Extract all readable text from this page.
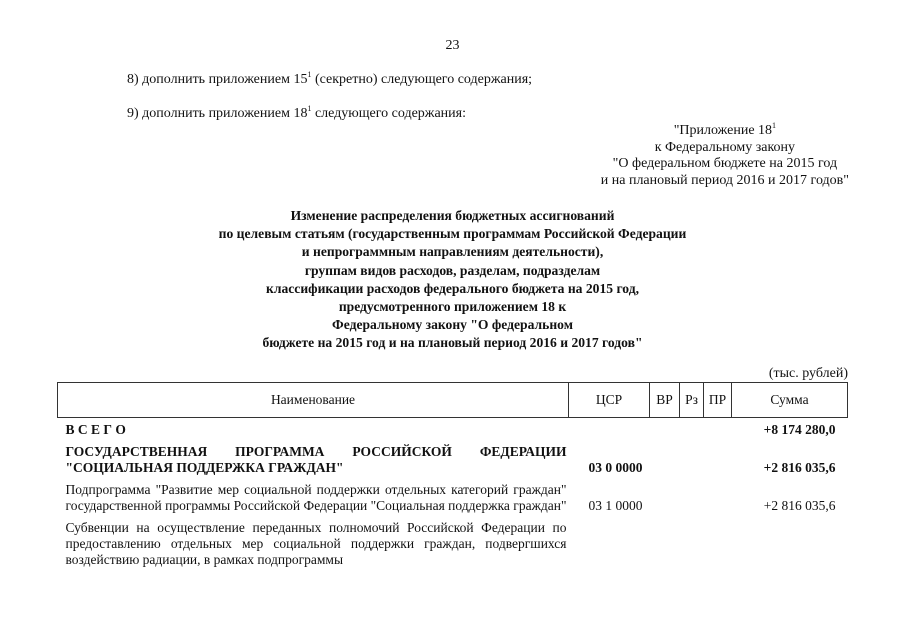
23
8) дополнить приложением $15^1$ (секретно) следующего содержания;
9) дополнить приложением $18^1$ следующего содержания:
"Приложение $18^1$
к Федеральному закону
"О федеральном бюджете на 2015 год
и на плановый период 2016 и 2017 годов"
Изменение распределения бюджетных ассигнований
по целевым статьям (государственным программам Российской Федерации
и непрограммным направлениям деятельности),
группам видов расходов, разделам, подразделам
классификации расходов федерального бюджета на 2015 год,
предусмотренного приложением 18 к
Федеральному закону "О федеральном
бюджете на 2015 год и на плановый период 2016 и 2017 годов"
(тыс. рублей)
Наименование	ЦСР	ВР	Рз	ПР	Сумма
В С Е Г О					+8 174 280,0
ГОСУДАРСТВЕННАЯ ПРОГРАММА РОССИЙСКОЙ ФЕДЕРАЦИИ "СОЦИАЛЬНАЯ ПОДДЕРЖКА ГРАЖДАН"	03 0 0000				+2 816 035,6
Подпрограмма "Развитие мер социальной поддержки отдельных категорий граждан" государственной программы Российской Федерации "Социальная поддержка граждан"	03 1 0000				+2 816 035,6
Субвенции на осуществление переданных полномочий Российской Федерации по предоставлению отдельных мер социальной поддержки граждан, подвергшихся воздействию радиации, в рамках подпрограммы					
